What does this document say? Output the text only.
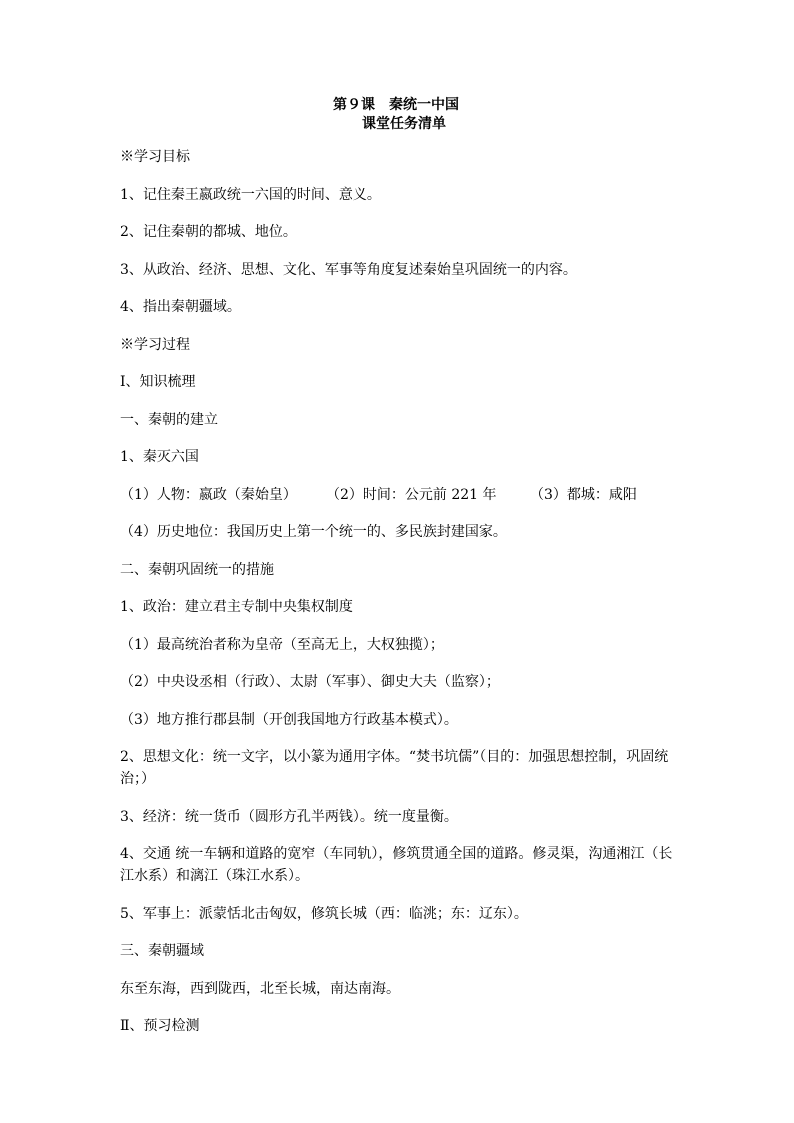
第９课　秦统一中国
课堂任务清单

※学习目标

1、记住秦王嬴政统一六国的时间、意义。

2、记住秦朝的都城、地位。

3、从政治、经济、思想、文化、军事等角度复述秦始皇巩固统一的内容。

4、指出秦朝疆域。

※学习过程

Ⅰ、知识梳理

一、秦朝的建立

1、秦灭六国

（1）人物：嬴政（秦始皇）	（2）时间：公元前 221 年	（3）都城：咸阳

（4）历史地位：我国历史上第一个统一的、多民族封建国家。

二、秦朝巩固统一的措施

1、政治：建立君主专制中央集权制度

（1）最高统治者称为皇帝（至高无上，大权独揽）；

（2）中央设丞相（行政）、太尉（军事）、御史大夫（监察）；

（3）地方推行郡县制（开创我国地方行政基本模式）。

2、思想文化：统一文字，以小篆为通用字体。“焚书坑儒”（目的：加强思想控制，巩固统治；）

3、经济：统一货币（圆形方孔半两钱）。统一度量衡。

4、交通 统一车辆和道路的宽窄（车同轨），修筑贯通全国的道路。修灵渠，沟通湘江（长江水系）和漓江（珠江水系）。

5、军事上：派蒙恬北击匈奴，修筑长城（西：临洮；东：辽东）。

三、秦朝疆域

东至东海，西到陇西，北至长城，南达南海。

Ⅱ、预习检测
